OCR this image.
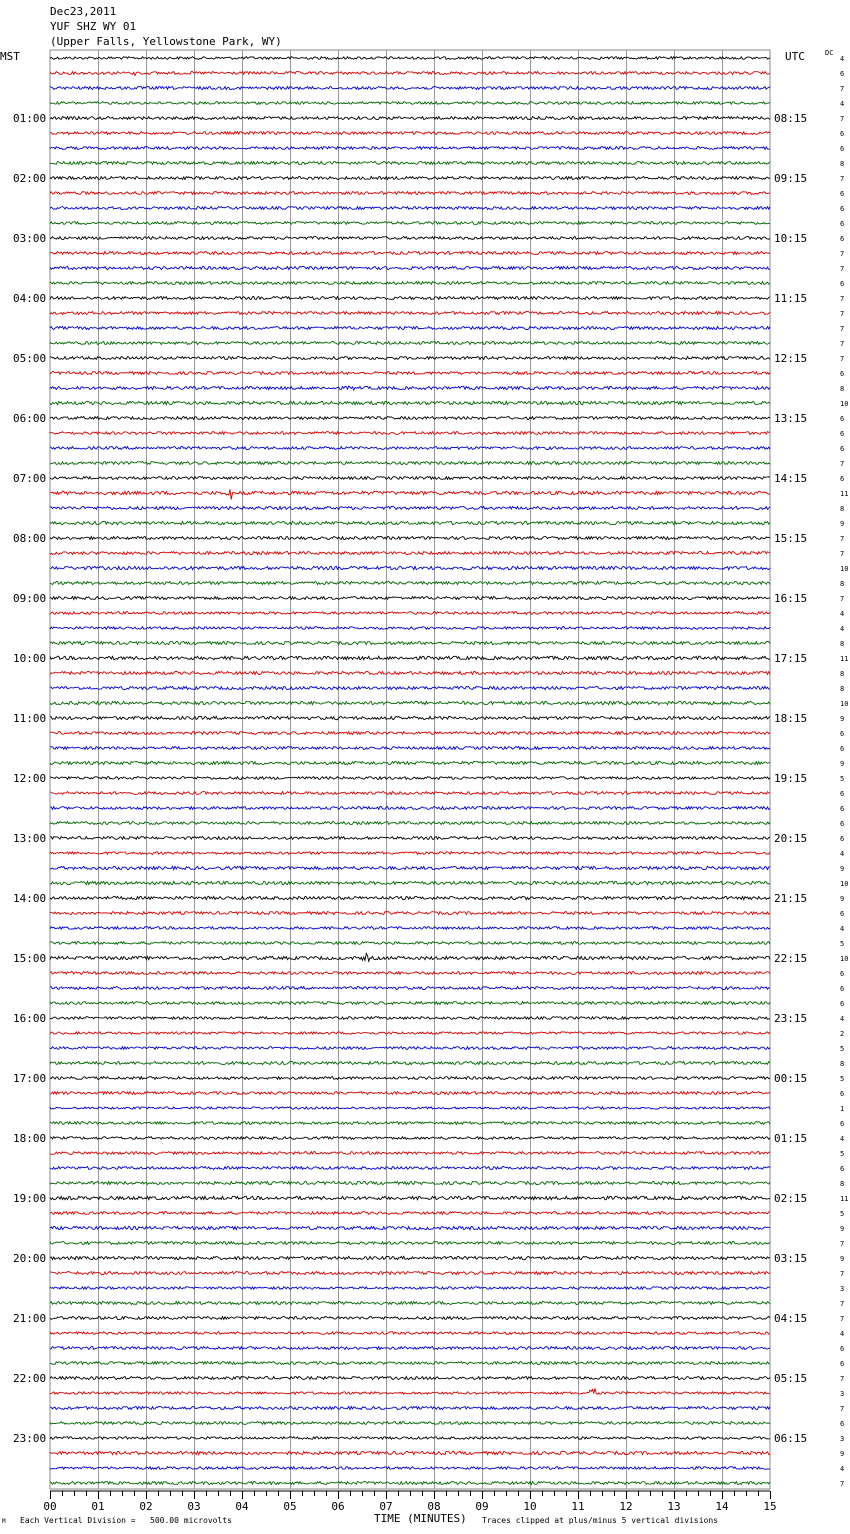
Dec23,2011
YUF SHZ WY 01
(Upper Falls, Yellowstone Park, WY)
MST	UTC	DC
4
6
7
4
7
6
6
8
7
6
6
6
6
7
7
6
7
7
7
7
7
6
8
10
6
6
6
7
6
11
8
9
7
7
10
8
7
4
4
8
11
8
8
10
9
6
6
9
5
6
6
6
6
4
9
10
9
6
4
5
10
6
6
6
4
2
5
8
5
6
1
6
4
5
6
8
11
5
9
7
9
7
3
7
7
4
6
6
7
3
7
6
3
9
4
7
01:00
02:00
03:00
04:00
05:00
06:00
07:00
08:00
09:00
10:00
11:00
12:00
13:00
14:00
15:00
16:00
17:00
18:00
19:00
20:00
21:00
22:00
23:00
08:15
09:15
10:15
11:15
12:15
13:15
14:15
15:15
16:15
17:15
18:15
19:15
20:15
21:15
22:15
23:15
00:15
01:15
02:15
03:15
04:15
05:15
06:15
00	01	02	03	04	05	06	07	08	09	10	11	12	13	14	15
TIME (MINUTES)
Each Vertical Division =   500.00 microvolts	Traces clipped at plus/minus 5 vertical divisions
M
